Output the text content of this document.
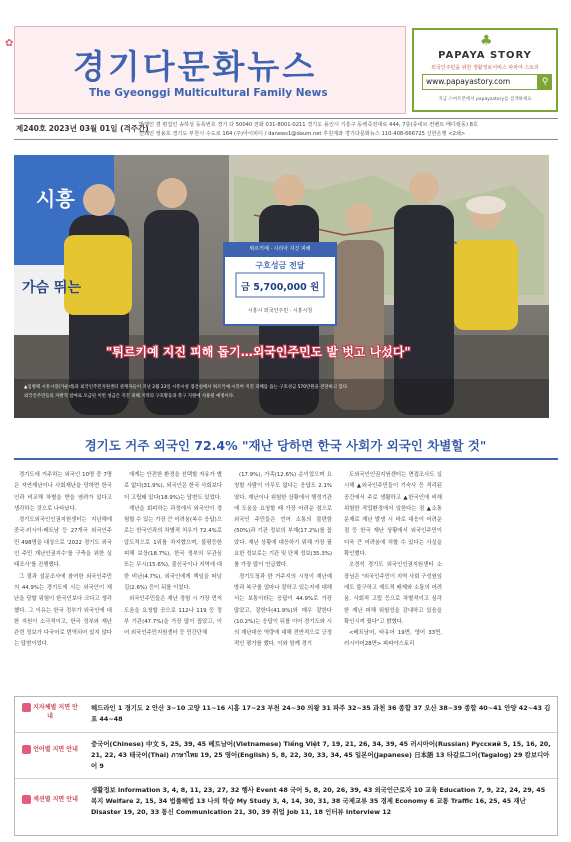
✿
경기다문화뉴스
The Gyeonggi Multicultural Family News
♣
PAPAYA STORY
외국인주민을 위한 생활정보서비스 파파야 스토리
www.papayastory.com	⚲
지금 스마트폰에서 papayastory를 검색하세요
제240호 2023년 03월 01일 (격주간)
발행인 겸 편집인 송하성 등록번호 경기 다 50040 전화 031-8001-0211 경기도 용인시 기흥구 동백죽전대로 444, 7층(쥬네브 컨벤트 메디컬동) 8호
인쇄인 정용호 경기도 부천시 수도로 164 (주)아이피디 / danews1@daum.net 후원계좌 경기다문화뉴스 110-408-666725 신한은행 <2쇄>
시흥
가슴 뛰는
튀르키예 · 시리아 지진 피해
구호성금 전달
금 5,700,000 원
시흥시 외국인주민 · 시흥시청
"튀르키예 지진 피해 돕기…외국인주민도 발 벗고 나섰다"
▲임병택 시흥시장(가운데)과 외국인주민지원센터 관계자들이 지난 2월 23일 시흥시청 접견실에서 튀르키예·시리아 지진 피해를 돕는 구호성금 570만원을 전달하고 있다.
외국인주민들의 자발적 참여로 모금된 이번 성금은 지진 피해 지역의 구호활동과 복구 지원에 사용될 예정이다.
경기도 거주 외국인 72.4% "재난 당하면 한국 사회가 외국인 차별할 것"

경기도에 거주하는 외국인 10명 중 7명은 자연재난이나 사회재난을 당하면 한국인과 비교해 차별을 받을 염려가 있다고 생각하는 것으로 나타났다.

경기도외국인인권지원센터는 지난해에 중국·러시아·베트남 등 27개국 외국인주민 498명을 대상으로 '2022 경기도 외국인 주민 재난인권지수'를 구축을 위한 실태조사'를 진행했다.

그 결과 설문조사에 참여한 외국인주민의 44.9%는 경기도에 사는 외국인이 재난을 당할 위험이 한국인보다 크다고 생각했다. 그 이유는 한국 정부가 외국인에 대한 지원이 소극적이고, 한국 정부와 재난관련 정보가 다국어로 번역되어 있지 않다는 답변이었다.

에게는 안전한 환경을 선택할 자유가 별로 없다(31.9%), 외국인은 한국 사회보다 더 고립돼 있다(18.9%)는 답변도 있었다.

재난을 회피하는 과정에서 외국인이 경험할 수 있는 가장 큰 어려움(복수 응답)으로는 한국인과의 차별적 처우가 72.4%로 압도적으로 1위를 차지했으며, 불평등한 피해 보상(18.7%), 한국 정부의 무관심 또는 무시(15.6%), 출신국이나 지역에 대한 비난(4.7%), 외국인에게 책임을 떠넘김(2.6%) 등이 뒤를 이었다.

외국인주민들은 재난 경험 시 가장 먼저 도움을 요청할 곳으로 112나 119 등 정부 기관(47.7%)을 가장 많이 꼽았고, 이어 외국인주민지원센터 등 민간단체

(17.9%), 가족(12.6%) 순이었으며 요청할 사람이 아무도 없다는 응답도 2.1%였다. 재난이나 위험한 상황에서 행정기관에 도움을 요청할 때 가장 어려운 점으로 외국인 주민들은 언어 소통의 불편함(50%)과 기관 정보의 부재(17.2%)를 꼽았다. 재난 상황에 대응하기 위해 가장 필요한 정보로는 기관 및 단체 정보(35.3%)를 가장 많이 언급했다.

경기도청과 한 거주지의 시청이 재난예방과 복구를 얼마나 잘하고 있는지에 대해서는 보통이라는 응답이 44.9%로 가장 많았고, 잘한다(41.9%)와 매우 잘한다(10.2%)는 응답이 뒤를 이어 경기도와 시의 재난대응 역량에 대해 전반적으로 긍정적인 평가를 했다. 이와 함께 경기

도외국인인권지원센터는 면접조사도 실시해 ▲외국인주민들이 기숙사 등 격리된 공간에서 주로 생활하고 ▲한국인에 비해 위험한 작업환경에서 일한다는 점 ▲소통 문제로 재난 발생 시 바로 대응이 어려운 점 등 한국 재난 상황에서 외국인주민이 더욱 큰 어려움에 처할 수 있다는 사실을 확인했다.

오경석 경기도 외국인인권지원센터 소장님은 "외국인주민이 지역 사회 구성원임에도 불구하고 제도적 배제와 소통의 어려움, 사회적 고립 등으로 차별적이고 심각한 재난 피해 위험성을 감내하고 있음을 확인시켜 줬다"고 밝혔다.

<베트남어, 타유어 19면, 영어 33면, 러시아어28면> 파파야스토리

지자체별 지면 안내
헤드라인 1 경기도 2 안산 3~10 고양 11~16 시흥 17~23 부천 24~30 의왕 31 파주 32~35 과천 36 종합 37 오산 38~39 종합 40~41 안양 42~43 김포 44~48
언어별 지면 안내
중국어(Chinese) 中文 5, 25, 39, 45 베트남어(Vietnamese) Tiếng Việt 7, 19, 21, 26, 34, 39, 45 러시아어(Russian) Русский 5, 15, 16, 20, 21, 22, 43 태국어(Thai) ภาษาไทย 19, 25 영어(English) 5, 8, 22, 30, 33, 34, 45 일본어(Japanese) 日本語 13 타갈로그어(Tagalog) 29 캄보디아어 9
섹션별 지면 안내
생활정보 Information 3, 4, 8, 11, 23, 27, 32 행사 Event 48 국어 5, 8, 20, 26, 39, 43 외국인근로자 10 교육 Education 7, 9, 22, 24, 29, 45 복지 Welfare 2, 15, 34 법률해법 13 나의 학습 My Study 3, 4, 14, 30, 31, 38 국제교류 35 경제 Economy 6 교통 Traffic 16, 25, 45 재난 Disaster 19, 20, 33 통신 Communication 21, 30, 39 취업 Job 11, 18 인터뷰 Interview 12
